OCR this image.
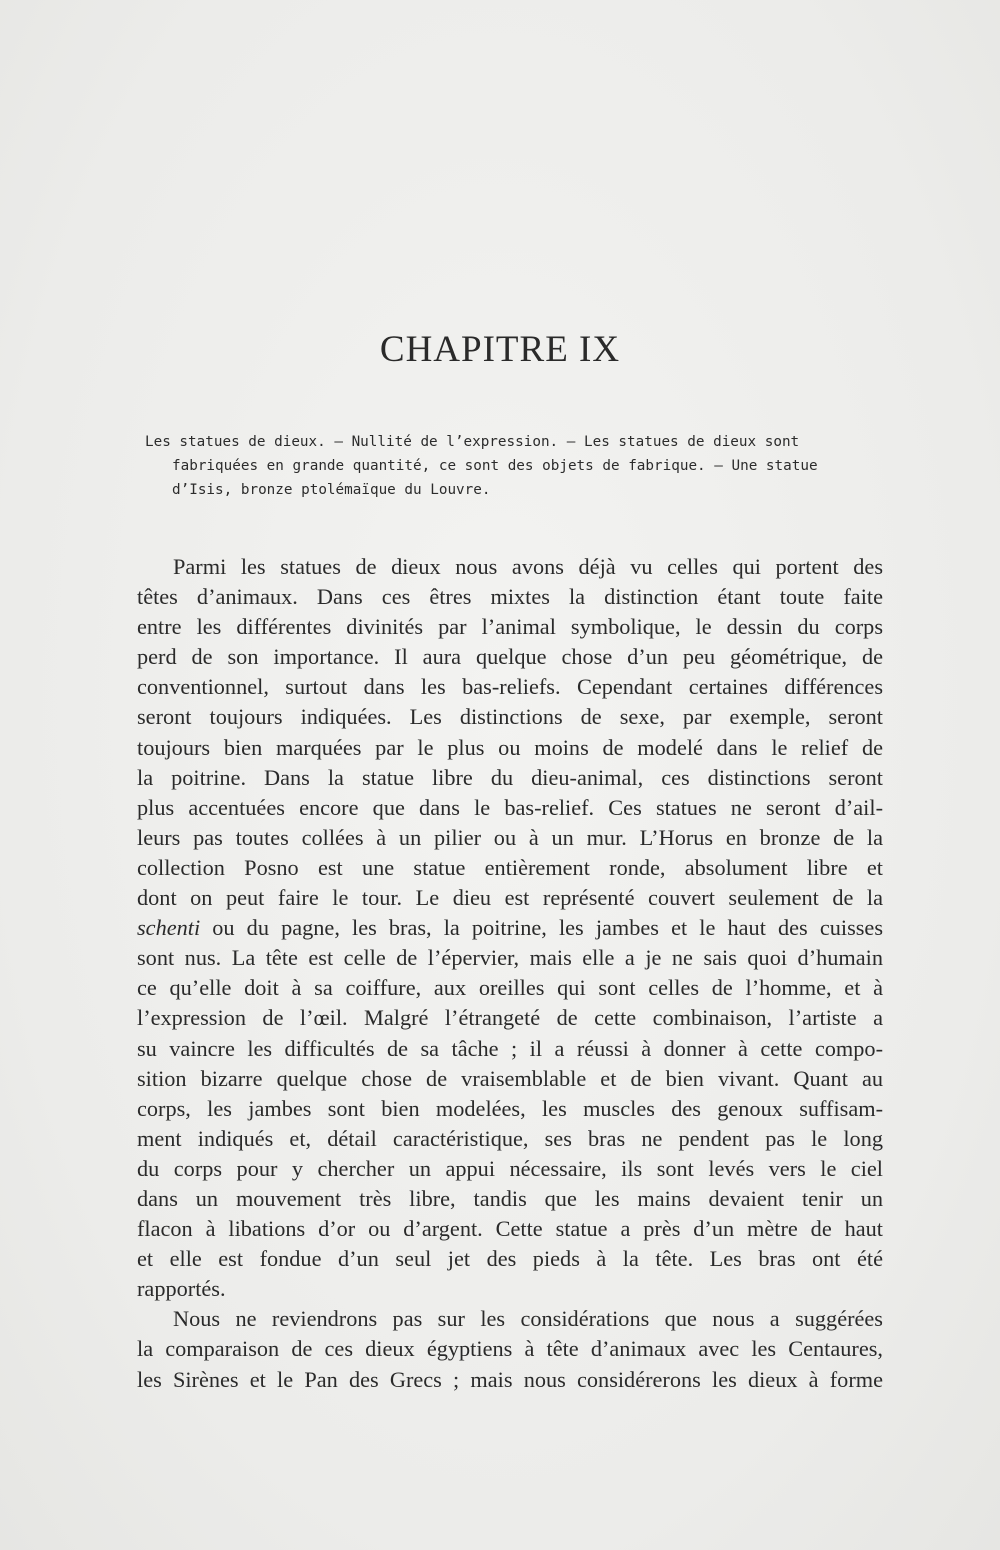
CHAPITRE IX
Les statues de dieux. — Nullité de l’expression. — Les statues de dieux sont
fabriquées en grande quantité, ce sont des objets de fabrique. — Une statue
d’Isis, bronze ptolémaïque du Louvre.
Parmi les statues de dieux nous avons déjà vu celles qui portent des
têtes d’animaux. Dans ces êtres mixtes la distinction étant toute faite
entre les différentes divinités par l’animal symbolique, le dessin du corps
perd de son importance. Il aura quelque chose d’un peu géométrique, de
conventionnel, surtout dans les bas-reliefs. Cependant certaines différences
seront toujours indiquées. Les distinctions de sexe, par exemple, seront
toujours bien marquées par le plus ou moins de modelé dans le relief de
la poitrine. Dans la statue libre du dieu-animal, ces distinctions seront
plus accentuées encore que dans le bas-relief. Ces statues ne seront d’ail-
leurs pas toutes collées à un pilier ou à un mur. L’Horus en bronze de la
collection Posno est une statue entièrement ronde, absolument libre et
dont on peut faire le tour. Le dieu est représenté couvert seulement de la
schenti ou du pagne, les bras, la poitrine, les jambes et le haut des cuisses
sont nus. La tête est celle de l’épervier, mais elle a je ne sais quoi d’humain
ce qu’elle doit à sa coiffure, aux oreilles qui sont celles de l’homme, et à
l’expression de l’œil. Malgré l’étrangeté de cette combinaison, l’artiste a
su vaincre les difficultés de sa tâche ; il a réussi à donner à cette compo-
sition bizarre quelque chose de vraisemblable et de bien vivant. Quant au
corps, les jambes sont bien modelées, les muscles des genoux suffisam-
ment indiqués et, détail caractéristique, ses bras ne pendent pas le long
du corps pour y chercher un appui nécessaire, ils sont levés vers le ciel
dans un mouvement très libre, tandis que les mains devaient tenir un
flacon à libations d’or ou d’argent. Cette statue a près d’un mètre de haut
et elle est fondue d’un seul jet des pieds à la tête. Les bras ont été
rapportés.
Nous ne reviendrons pas sur les considérations que nous a suggérées
la comparaison de ces dieux égyptiens à tête d’animaux avec les Centaures,
les Sirènes et le Pan des Grecs ; mais nous considérerons les dieux à forme
